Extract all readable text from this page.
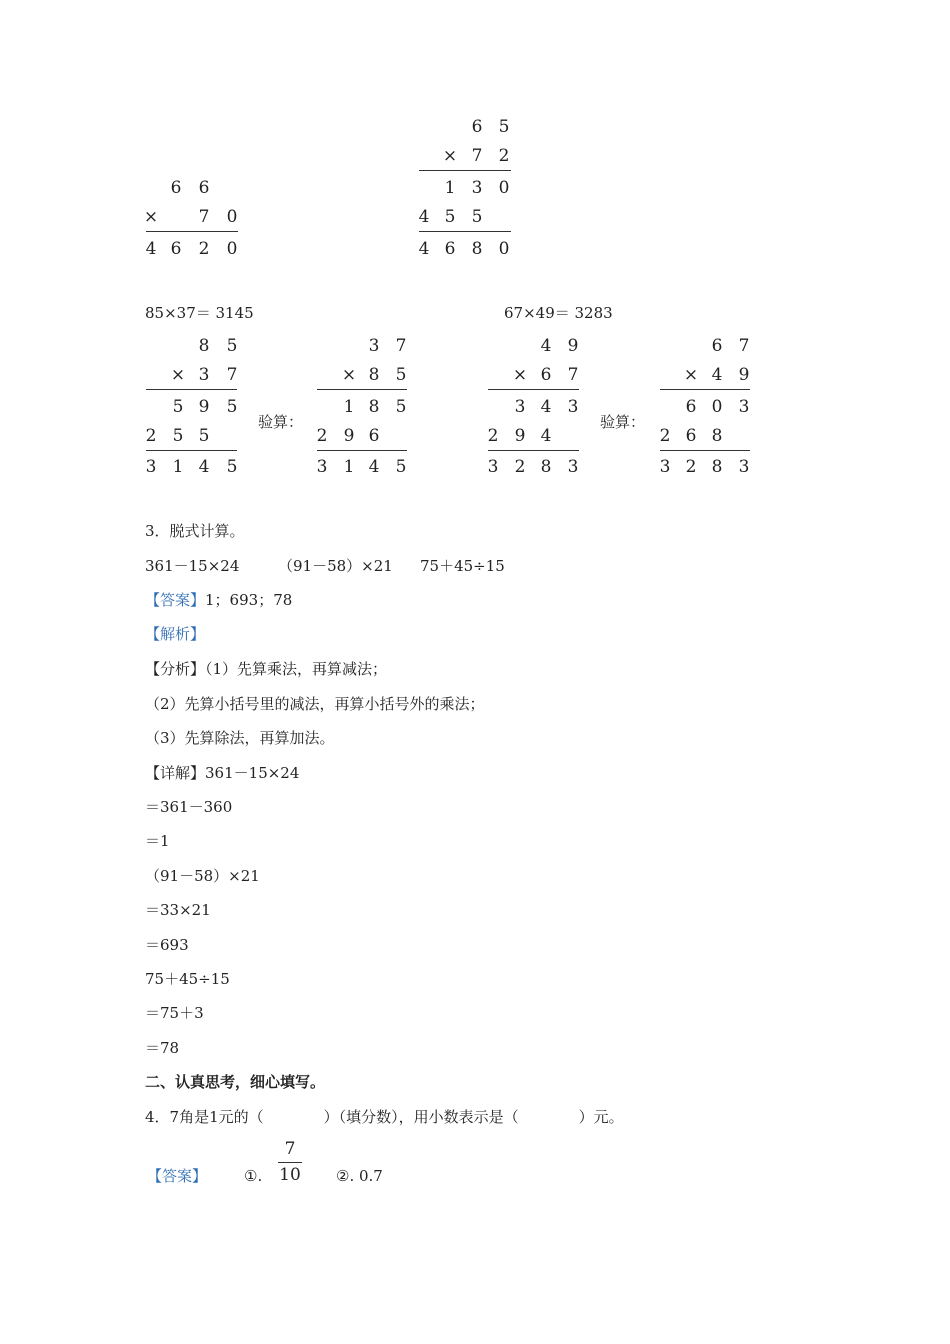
6 6
× 7 0
4 6 2 0
6 5
× 7 2
1 3 0
4 5 5
4 6 8 0
85×37＝ 3145	67×49＝ 3283
8 5
× 3 7
5 9 5
2 5 5
3 1 4 5
验算：
3 7
× 8 5
1 8 5
2 9 6
3 1 4 5
4 9
× 6 7
3 4 3
2 9 4
3 2 8 3
验算：
6 7
× 4 9
6 0 3
2 6 8
3 2 8 3
3．脱式计算。
361－15×24	（91－58）×21 75＋45÷15
【答案】1；693；78
【解析】
【分析】（1）先算乘法，再算减法；
（2）先算小括号里的减法，再算小括号外的乘法；
（3）先算除法，再算加法。
【详解】361－15×24
＝361－360
＝1
（91－58）×21
＝33×21
＝693
75＋45÷15
＝75＋3
＝78
二、认真思考，细心填写。
4．7角是1元的（　　　　）（填分数），用小数表示是（　　　　）元。
【答案】 ①.
7
10 ②. 0.7
